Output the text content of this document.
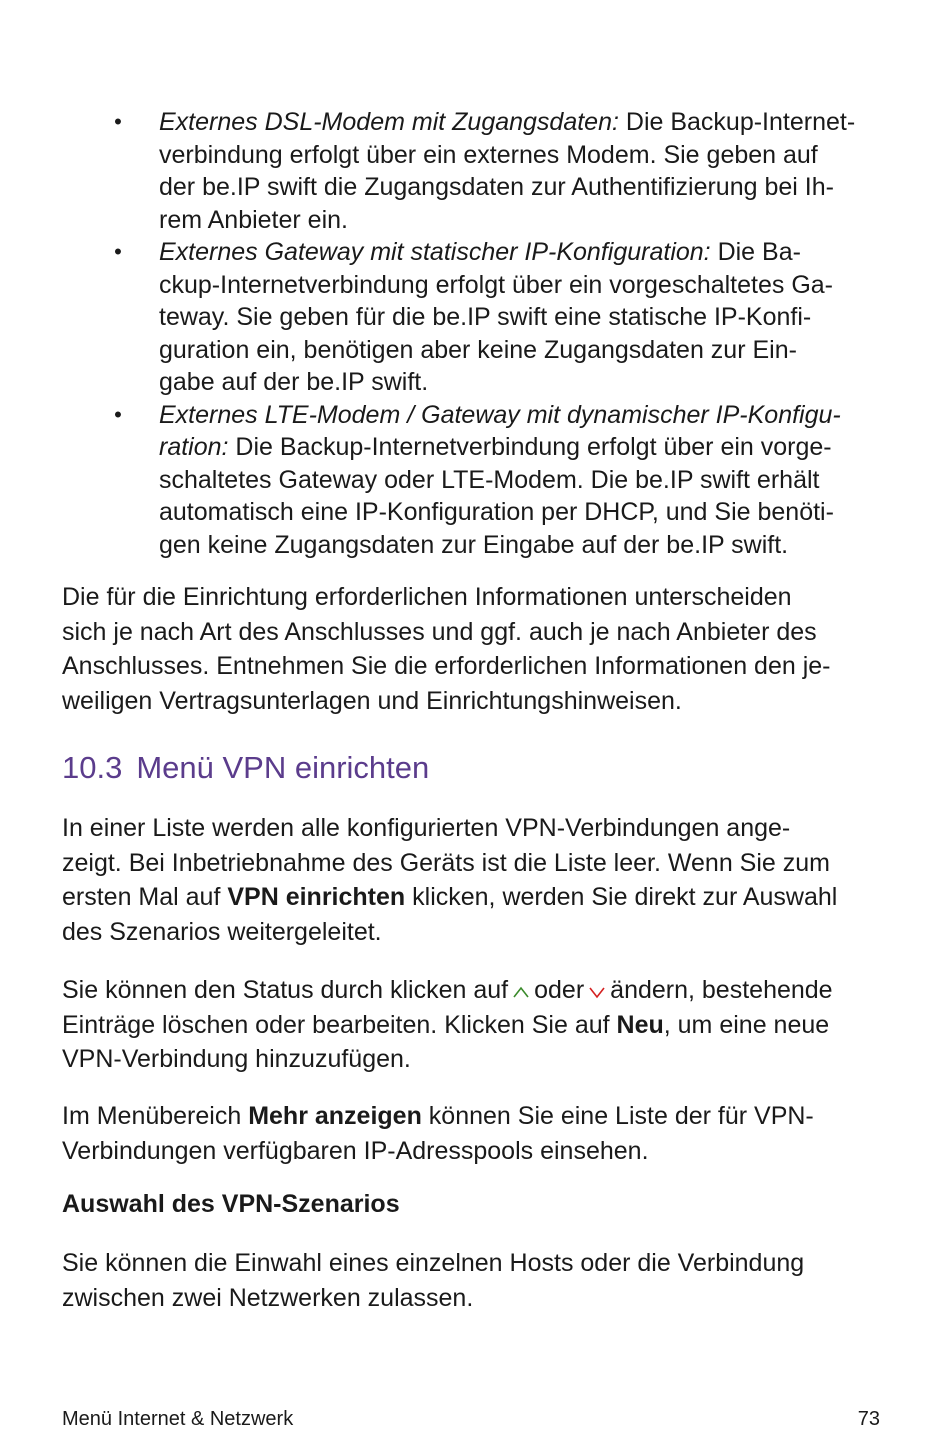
• Externes DSL-Modem mit Zugangsdaten: Die Backup-Internet-
verbindung erfolgt über ein externes Modem. Sie geben auf
der be.IP swift die Zugangsdaten zur Authentifizierung bei Ih-
rem Anbieter ein.
• Externes Gateway mit statischer IP-Konfiguration: Die Ba-
ckup-Internetverbindung erfolgt über ein vorgeschaltetes Ga-
teway. Sie geben für die be.IP swift eine statische IP-Konfi-
guration ein, benötigen aber keine Zugangsdaten zur Ein-
gabe auf der be.IP swift.
• Externes LTE-Modem / Gateway mit dynamischer IP-Konfigu-
ration: Die Backup-Internetverbindung erfolgt über ein vorge-
schaltetes Gateway oder LTE-Modem. Die be.IP swift erhält
automatisch eine IP-Konfiguration per DHCP, und Sie benöti-
gen keine Zugangsdaten zur Eingabe auf der be.IP swift.

Die für die Einrichtung erforderlichen Informationen unterscheiden
sich je nach Art des Anschlusses und ggf. auch je nach Anbieter des
Anschlusses. Entnehmen Sie die erforderlichen Informationen den je-
weiligen Vertragsunterlagen und Einrichtungshinweisen.

10.3 Menü VPN einrichten

In einer Liste werden alle konfigurierten VPN-Verbindungen ange-
zeigt. Bei Inbetriebnahme des Geräts ist die Liste leer. Wenn Sie zum
ersten Mal auf VPN einrichten klicken, werden Sie direkt zur Auswahl
des Szenarios weitergeleitet.

Sie können den Status durch klicken auf oder ändern, bestehende
Einträge löschen oder bearbeiten. Klicken Sie auf Neu, um eine neue
VPN-Verbindung hinzuzufügen.

Im Menübereich Mehr anzeigen können Sie eine Liste der für VPN-
Verbindungen verfügbaren IP-Adresspools einsehen.

Auswahl des VPN-Szenarios

Sie können die Einwahl eines einzelnen Hosts oder die Verbindung
zwischen zwei Netzwerken zulassen.

Menü Internet & Netzwerk	73
